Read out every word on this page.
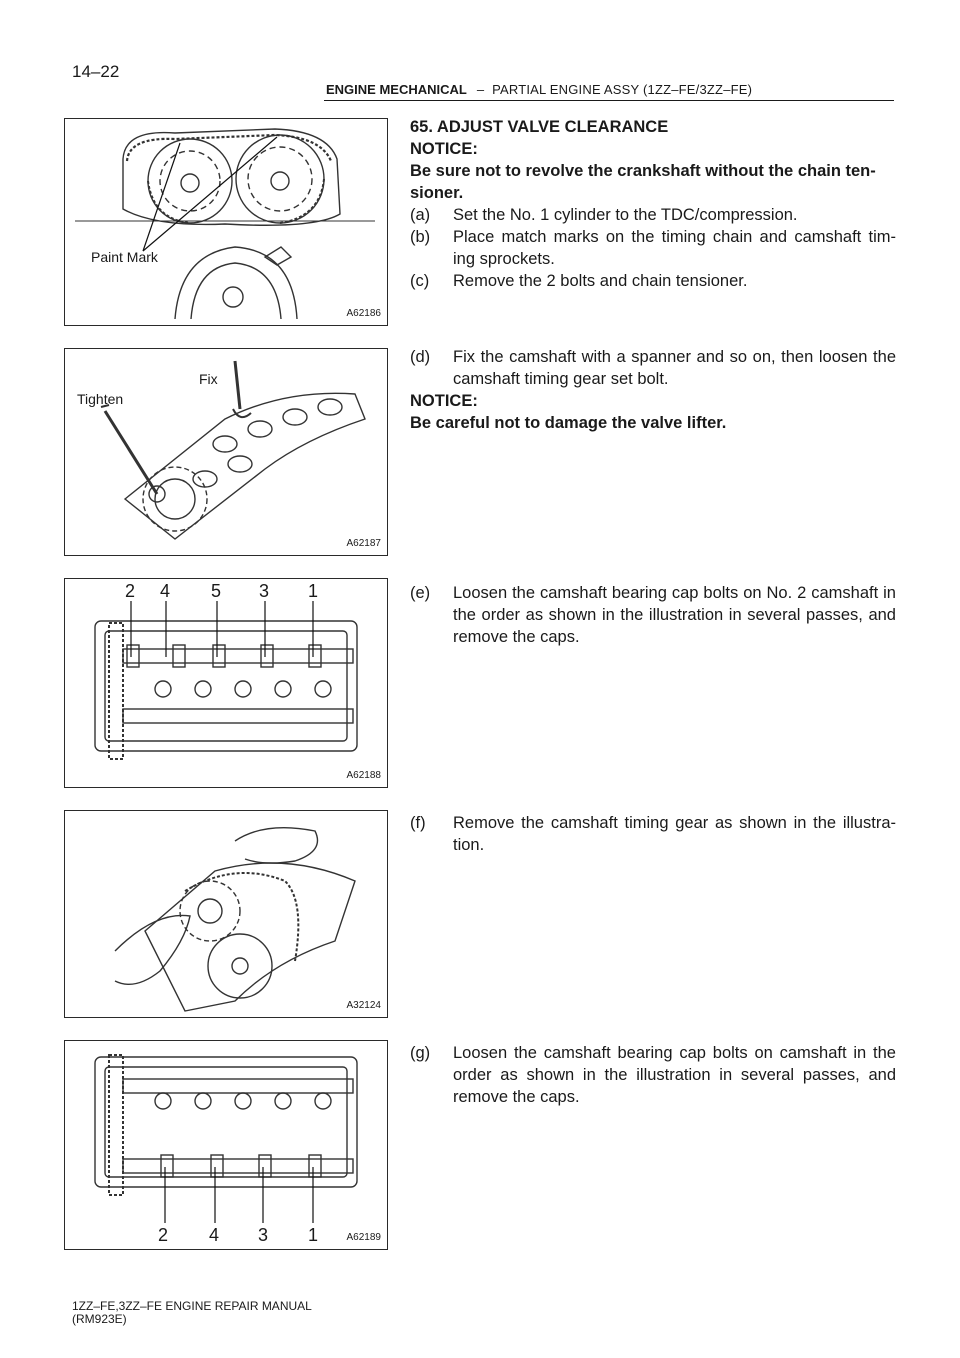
14–22
ENGINE MECHANICAL – PARTIAL ENGINE ASSY (1ZZ–FE/3ZZ–FE)
Paint Mark
A62186
Fix
Tighten
A62187
2 4 5 3 1
A62188
A32124
2 4 3 1	A62189

65. ADJUST VALVE CLEARANCE

NOTICE:

Be sure not to revolve the crankshaft without the chain ten- sioner.

(a)	Set the No. 1 cylinder to the TDC/compression.
(b)	Place match marks on the timing chain and camshaft tim- ing sprockets.
(c)	Remove the 2 bolts and chain tensioner.
(d)	Fix the camshaft with a spanner and so on, then loosen the camshaft timing gear set bolt.

NOTICE:

Be careful not to damage the valve lifter.

(e)	Loosen the camshaft bearing cap bolts on No. 2 camshaft in the order as shown in the illustration in several passes, and remove the caps.
(f)	Remove the camshaft timing gear as shown in the illustra- tion.
(g)	Loosen the camshaft bearing cap bolts on camshaft in the order as shown in the illustration in several passes, and remove the caps.
1ZZ–FE,3ZZ–FE ENGINE REPAIR MANUAL
(RM923E)
